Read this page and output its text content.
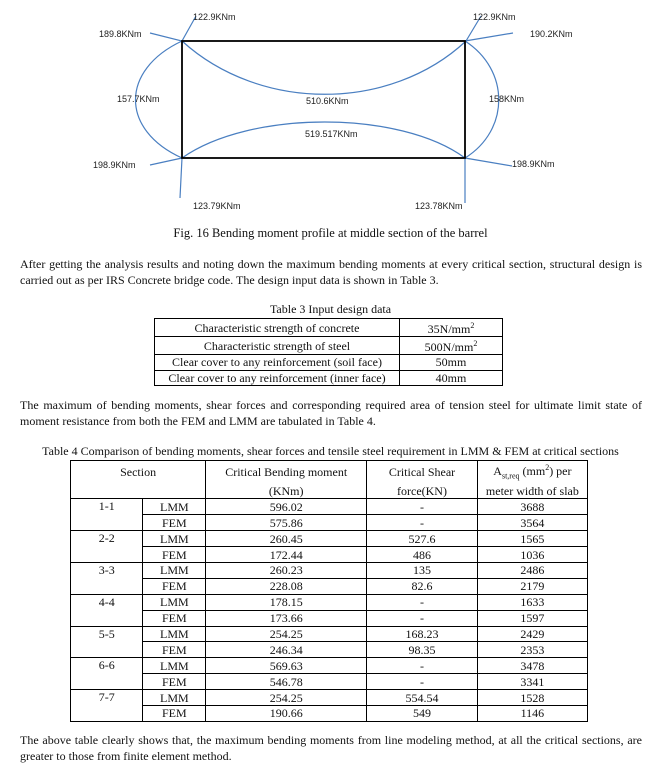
122.9KNm	122.9KNm
189.8KNm	190.2KNm
157.7KNm	158KNm
510.6KNm
519.517KNm
198.9KNm	198.9KNm
123.79KNm	123.78KNm
Fig. 16 Bending moment profile at middle section of the barrel

After getting the analysis results and noting down the maximum bending moments at every critical section, structural design is carried out as per IRS Concrete bridge code. The design input data is shown in Table 3.

Table 3 Input design data
Characteristic strength of concrete	$35N/mm^2$
Characteristic strength of steel	$500N/mm^2$
Clear cover to any reinforcement (soil face)	50mm
Clear cover to any reinforcement (inner face)	40mm

The maximum of bending moments, shear forces and corresponding required area of tension steel for ultimate limit state of moment resistance from both the FEM and LMM are tabulated in Table 4.

Table 4 Comparison of bending moments, shear forces and tensile steel requirement in LMM & FEM at critical sections
Section		Critical Bending moment	Critical Shear	$A_{st,req}$ $(mm^2)$ per
		(KNm)	force(KN)	meter width of slab
1-1	LMM	596.02	-	3688
	FEM	575.86	-	3564
2-2	LMM	260.45	527.6	1565
	FEM	172.44	486	1036
3-3	LMM	260.23	135	2486
	FEM	228.08	82.6	2179
4-4	LMM	178.15	-	1633
	FEM	173.66	-	1597
5-5	LMM	254.25	168.23	2429
	FEM	246.34	98.35	2353
6-6	LMM	569.63	-	3478
	FEM	546.78	-	3341
7-7	LMM	254.25	554.54	1528
	FEM	190.66	549	1146

The above table clearly shows that, the maximum bending moments from line modeling method, at all the critical sections, are greater to those from finite element method.
